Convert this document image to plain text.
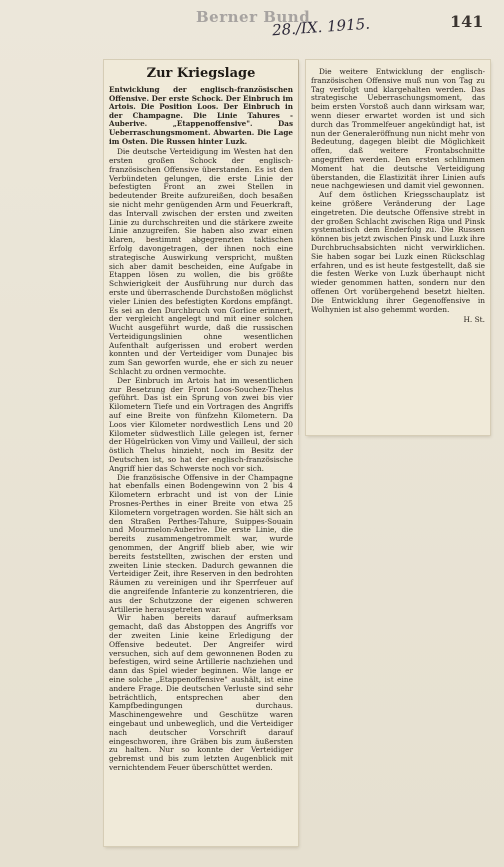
Berner Bund
28./IX. 1915.	141
Zur Kriegslage

Entwicklung der englisch-französischen Offensive. Der erste Schock. Der Einbruch im Artois. Die Position Loos. Der Einbruch in der Champagne. Die Linie Tahures - Auberive. „Etappenoffensive". Das Ueberraschungsmoment. Abwarten. Die Lage im Osten. Die Russen hinter Luzk.

Die deutsche Verteidigung im Westen hat den ersten großen Schock der englisch-französischen Offensive überstanden. Es ist den Verbündeten gelungen, die erste Linie der befestigten Front an zwei Stellen in bedeutender Breite aufzureißen, doch besaßen sie nicht mehr genügenden Arm und Feuerkraft, das Intervall zwischen der ersten und zweiten Linie zu durchschreiten und die stärkere zweite Linie anzugreifen. Sie haben also zwar einen klaren, bestimmt abgegrenzten taktischen Erfolg davongetragen, der ihnen noch eine strategische Auswirkung verspricht, mußten sich aber damit bescheiden, eine Aufgabe in Etappen lösen zu wollen, die bis größte Schwierigkeit der Ausführung nur durch das erste und überraschende Durchstoßen möglichst vieler Linien des befestigten Kordons empfängt. Es sei an den Durchbruch von Gorlice erinnert, der vergleicht angelegt und mit einer solchen Wucht ausgeführt wurde, daß die russischen Verteidigungslinien ohne wesentlichen Aufenthalt aufgerissen und erobert werden konnten und der Verteidiger vom Dunajec bis zum San geworfen wurde, ehe er sich zu neuer Schlacht zu ordnen vermochte.

Der Einbruch im Artois hat im wesentlichen zur Besetzung der Front Loos-Souchez-Thelus geführt. Das ist ein Sprung von zwei bis vier Kilometern Tiefe und ein Vortragen des Angriffs auf eine Breite von fünfzehn Kilometern. Da Loos vier Kilometer nordwestlich Lens und 20 Kilometer südwestlich Lille gelegen ist, ferner der Hügelrücken von Vimy und Vailleul, der sich östlich Thelus hinzieht, noch im Besitz der Deutschen ist, so hat der englisch-französische Angriff hier das Schwerste noch vor sich.

Die französische Offensive in der Champagne hat ebenfalls einen Bodengewinn von 2 bis 4 Kilometern erbracht und ist von der Linie Prosnes-Perthes in einer Breite von etwa 25 Kilometern vorgetragen worden. Sie hält sich an den Straßen Perthes-Tahure, Suippes-Souain und Mourmelon-Auberive. Die erste Linie, die bereits zusammengetrommelt war, wurde genommen, der Angriff blieb aber, wie wir bereits feststellten, zwischen der ersten und zweiten Linie stecken. Dadurch gewannen die Verteidiger Zeit, ihre Reserven in den bedrohten Räumen zu vereinigen und ihr Sperrfeuer auf die angreifende Infanterie zu konzentrieren, die aus der Schutzzone der eigenen schweren Artillerie herausgetreten war.

Wir haben bereits darauf aufmerksam gemacht, daß das Abstoppen des Angriffs vor der zweiten Linie keine Erledigung der Offensive bedeutet. Der Angreifer wird versuchen, sich auf dem gewonnenen Boden zu befestigen, wird seine Artillerie nachziehen und dann das Spiel wieder beginnen. Wie lange er eine solche „Etappenoffensive" aushält, ist eine andere Frage. Die deutschen Verluste sind sehr beträchtlich, entsprechen aber den Kampfbedingungen durchaus. Maschinengewehre und Geschütze waren eingebaut und unbeweglich, und die Verteidiger nach deutscher Vorschrift darauf eingeschworen, ihre Gräben bis zum äußersten zu halten. Nur so konnte der Verteidiger gebremst und bis zum letzten Augenblick mit vernichtendem Feuer überschüttet werden.

Die weitere Entwicklung der englisch-französischen Offensive muß nun von Tag zu Tag verfolgt und klargehalten werden. Das strategische Ueberraschungsmoment, das beim ersten Vorstoß auch dann wirksam war, wenn dieser erwartet worden ist und sich durch das Trommelfeuer angekündigt hat, ist nun der Generaleröffnung nun nicht mehr von Bedeutung, dagegen bleibt die Möglichkeit offen, daß weitere Frontabschnitte angegriffen werden. Den ersten schlimmen Moment hat die deutsche Verteidigung überstanden, die Elastizität ihrer Linien aufs neue nachgewiesen und damit viel gewonnen.

Auf dem östlichen Kriegsschauplatz ist keine größere Veränderung der Lage eingetreten. Die deutsche Offensive strebt in der großen Schlacht zwischen Riga und Pinsk systematisch dem Enderfolg zu. Die Russen können bis jetzt zwischen Pinsk und Luzk ihre Durchbruchsabsichten nicht verwirklichen. Sie haben sogar bei Luzk einen Rückschlag erfahren, und es ist heute festgestellt, daß sie die festen Werke von Luzk überhaupt nicht wieder genommen hatten, sondern nur den offenen Ort vorübergehend besetzt hielten. Die Entwicklung ihrer Gegenoffensive in Wolhynien ist also gehemmt worden.

H. St.
